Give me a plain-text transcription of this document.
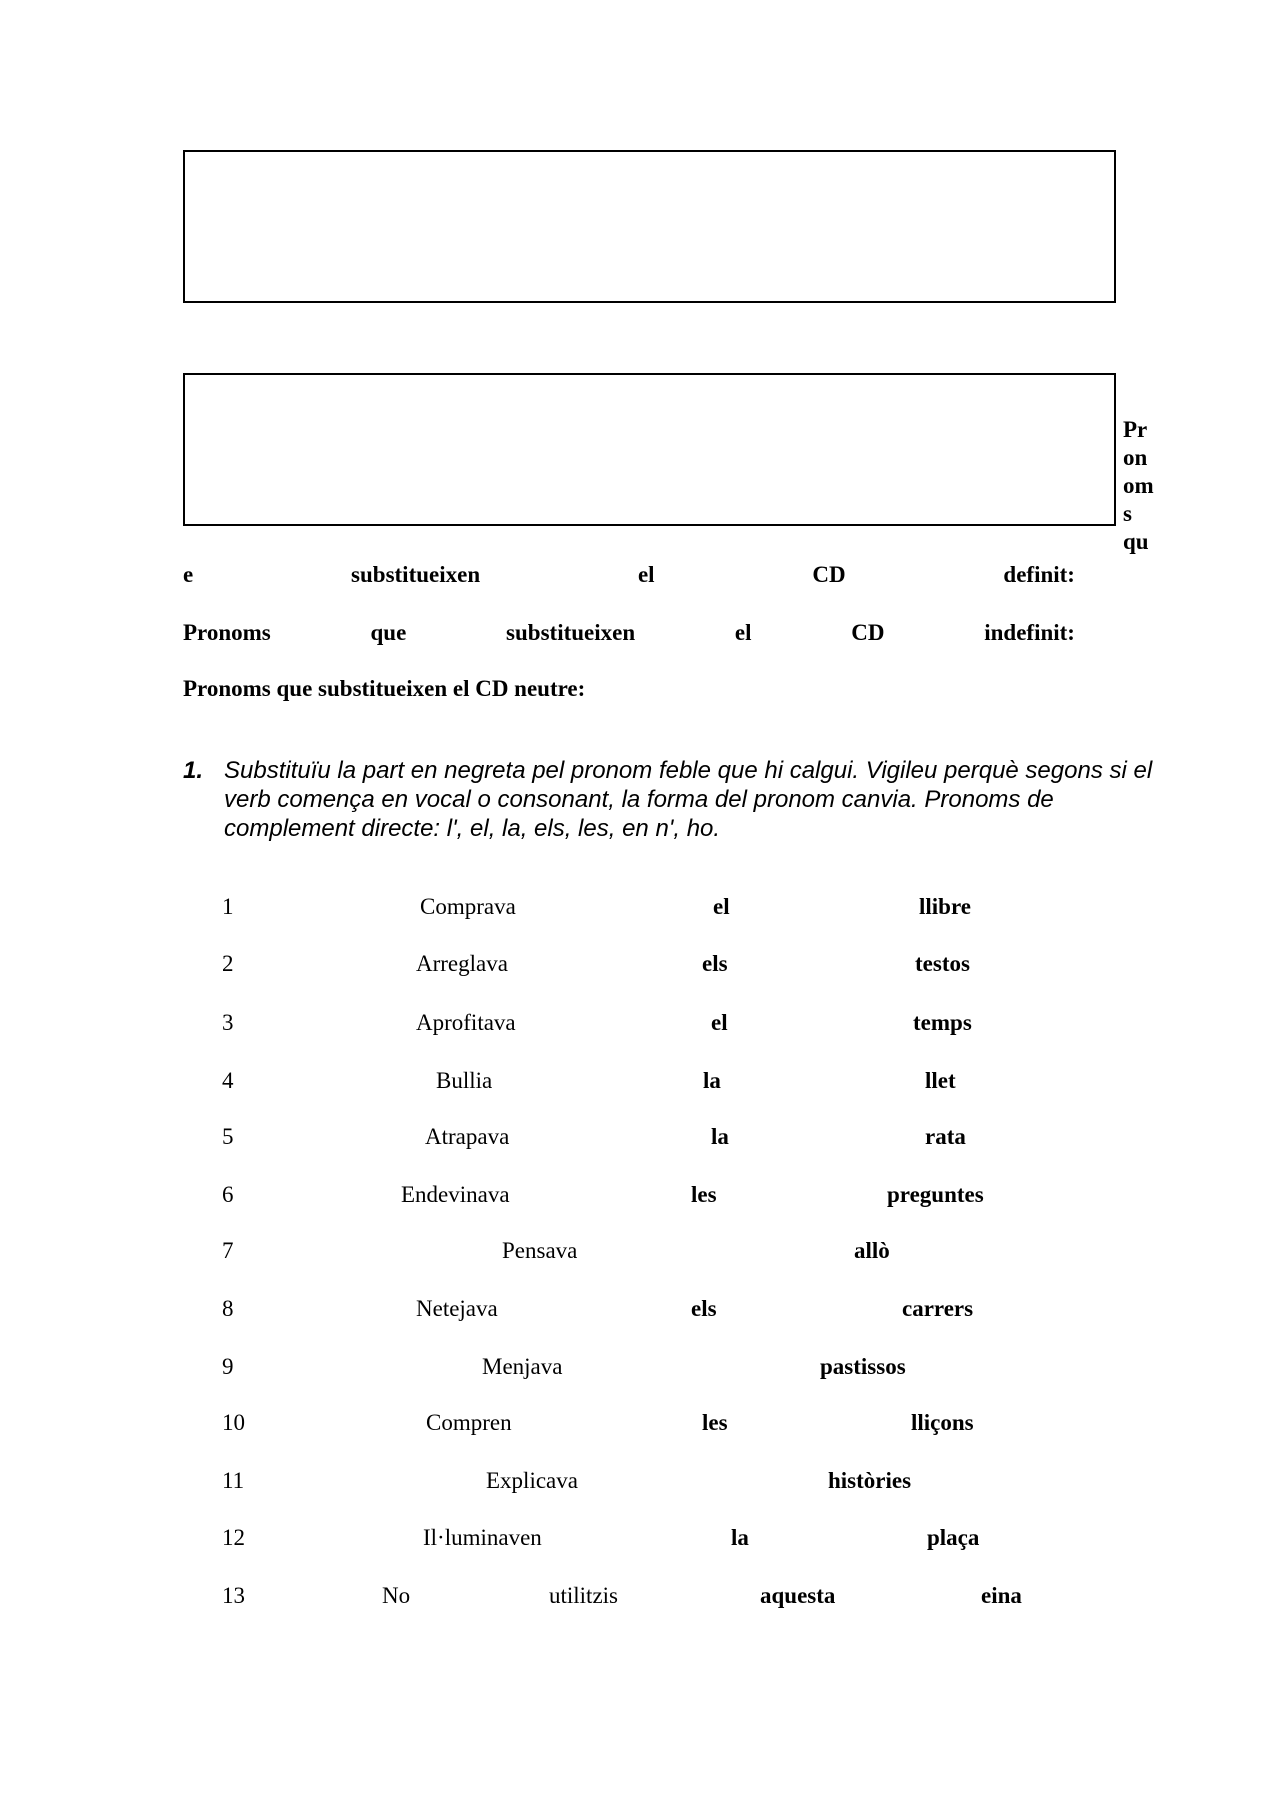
Pr
on
om
s
qu
e	substitueixen	el	CD	definit:
Pronoms	que	substitueixen	el	CD	indefinit:
Pronoms que substitueixen el CD neutre:
1. Substituïu la part en negreta pel pronom feble que hi calgui. Vigileu perquè segons si el verb comença en vocal o consonant, la forma del pronom canvia. Pronoms de complement directe: l', el, la, els, les, en n', ho.
1	Comprava	el	llibre
2	Arreglava	els	testos
3	Aprofitava	el	temps
4	Bullia	la	llet
5	Atrapava	la	rata
6	Endevinava	les	preguntes
7	Pensava	allò
8	Netejava	els	carrers
9	Menjava	pastissos
10	Compren	les	lliçons
11	Explicava	històries
12	Il·luminaven	la	plaça
13	No	utilitzis	aquesta	eina
